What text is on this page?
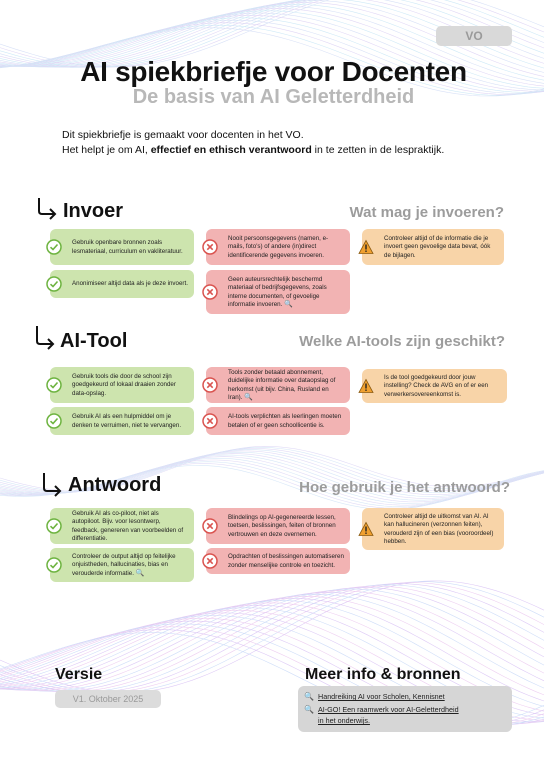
VO
AI spiekbriefje voor Docenten
De basis van AI Geletterdheid
Dit spiekbriefje is gemaakt voor docenten in het VO.
Het helpt je om AI, effectief en ethisch verantwoord in te zetten in de lespraktijk.
Invoer	Wat mag je invoeren?
Gebruik openbare bronnen zoals lesmateriaal, curriculum en vakliteratuur.
Anonimiseer altijd data als je deze invoert.
Nooit persoonsgegevens (namen, e-mails, foto's) of andere (in)direct identificerende gegevens invoeren.
Geen auteursrechtelijk beschermd materiaal of bedrijfsgegevens, zoals interne documenten, of gevoelige informatie invoeren. 🔍
Controleer altijd of de informatie die je invoert geen gevoelige data bevat, óók de bijlagen.
AI-Tool	Welke AI-tools zijn geschikt?
Gebruik tools die door de school zijn goedgekeurd of lokaal draaien zonder data-opslag.
Gebruik AI als een hulpmiddel om je denken te verruimen, niet te vervangen.
Tools zonder betaald abonnement, duidelijke informatie over dataopslag of herkomst (uit bijv. China, Rusland en Iran). 🔍
AI-tools verplichten als leerlingen moeten betalen of er geen schoollicentie is.
Is de tool goedgekeurd door jouw instelling? Check de AVG en of er een verwerkersovereenkomst is.
Antwoord	Hoe gebruik je het antwoord?
Gebruik AI als co-piloot, niet als autopiloot. Bijv. voor lesontwerp, feedback, genereren van voorbeelden of differentiatie.
Controleer de output altijd op feitelijke onjuistheden, hallucinaties, bias en verouderde informatie. 🔍
Blindelings op AI-gegenereerde lessen, toetsen, beslissingen, feiten of bronnen vertrouwen en deze overnemen.
Opdrachten of beslissingen automatiseren zonder menselijke controle en toezicht.
Controleer altijd de uitkomst van AI. AI kan hallucineren (verzonnen feiten), verouderd zijn of een bias (vooroordeel) hebben.
Versie
V1. Oktober 2025
Meer info & bronnen
🔍 Handreiking AI voor Scholen, Kennisnet
🔍 AI-GO! Een raamwerk voor AI-Geletterdheid
in het onderwijs.
